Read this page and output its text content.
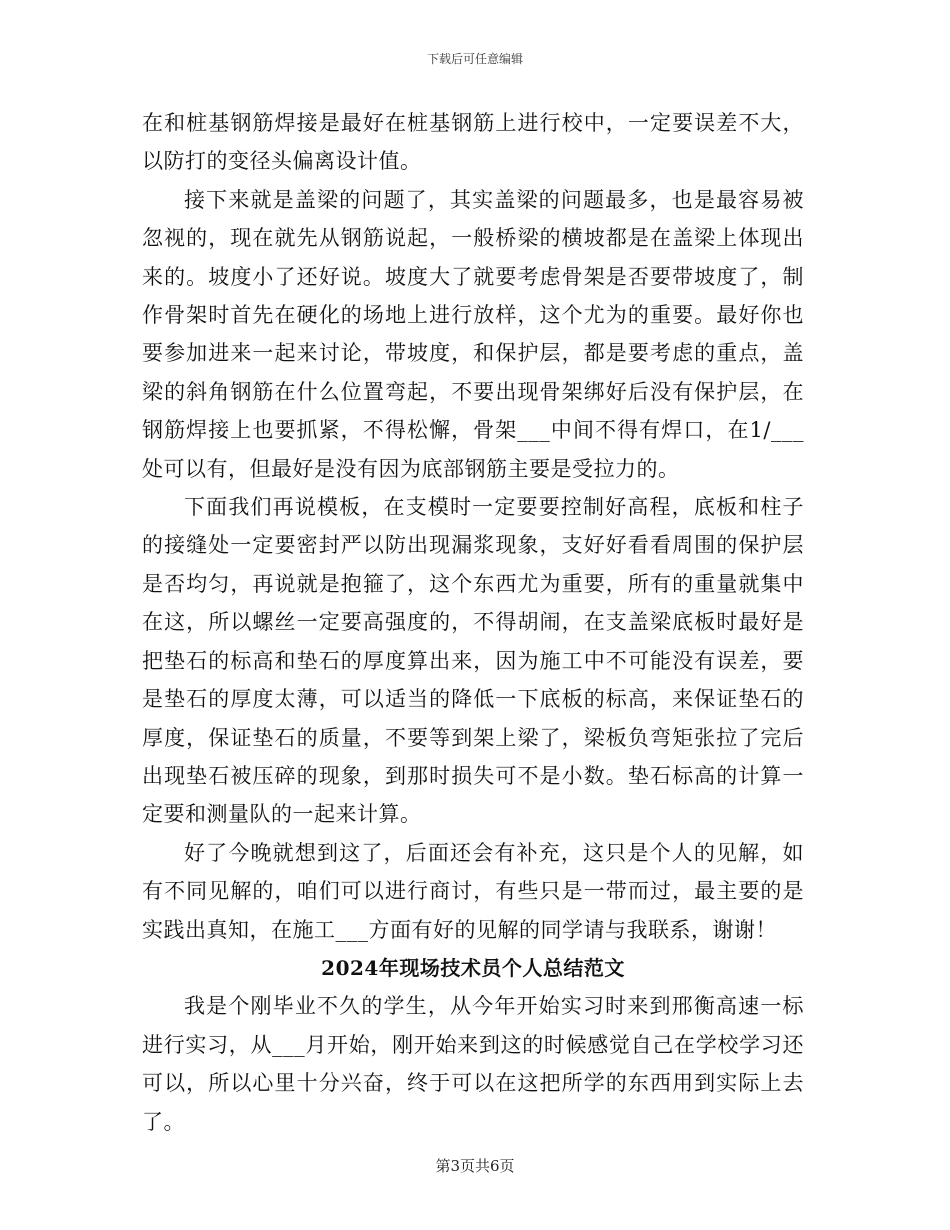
下载后可任意编辑

在和桩基钢筋焊接是最好在桩基钢筋上进行校中，一定要误差不大，以防打的变径头偏离设计值。

接下来就是盖梁的问题了，其实盖梁的问题最多，也是最容易被忽视的，现在就先从钢筋说起，一般桥梁的横坡都是在盖梁上体现出来的。坡度小了还好说。坡度大了就要考虑骨架是否要带坡度了，制作骨架时首先在硬化的场地上进行放样，这个尤为的重要。最好你也要参加进来一起来讨论，带坡度，和保护层，都是要考虑的重点，盖梁的斜角钢筋在什么位置弯起，不要出现骨架绑好后没有保护层，在钢筋焊接上也要抓紧，不得松懈，骨架___中间不得有焊口，在1/___处可以有，但最好是没有因为底部钢筋主要是受拉力的。

下面我们再说模板，在支模时一定要要控制好高程，底板和柱子的接缝处一定要密封严以防出现漏浆现象，支好好看看周围的保护层是否均匀，再说就是抱箍了，这个东西尤为重要，所有的重量就集中在这，所以螺丝一定要高强度的，不得胡闹，在支盖梁底板时最好是把垫石的标高和垫石的厚度算出来，因为施工中不可能没有误差，要是垫石的厚度太薄，可以适当的降低一下底板的标高，来保证垫石的厚度，保证垫石的质量，不要等到架上梁了，梁板负弯矩张拉了完后出现垫石被压碎的现象，到那时损失可不是小数。垫石标高的计算一定要和测量队的一起来计算。

好了今晚就想到这了，后面还会有补充，这只是个人的见解，如有不同见解的，咱们可以进行商讨，有些只是一带而过，最主要的是实践出真知，在施工___方面有好的见解的同学请与我联系，谢谢！

2024年现场技术员个人总结范文

我是个刚毕业不久的学生，从今年开始实习时来到邢衡高速一标进行实习，从___月开始，刚开始来到这的时候感觉自己在学校学习还可以，所以心里十分兴奋，终于可以在这把所学的东西用到实际上去了。

第3页共6页
